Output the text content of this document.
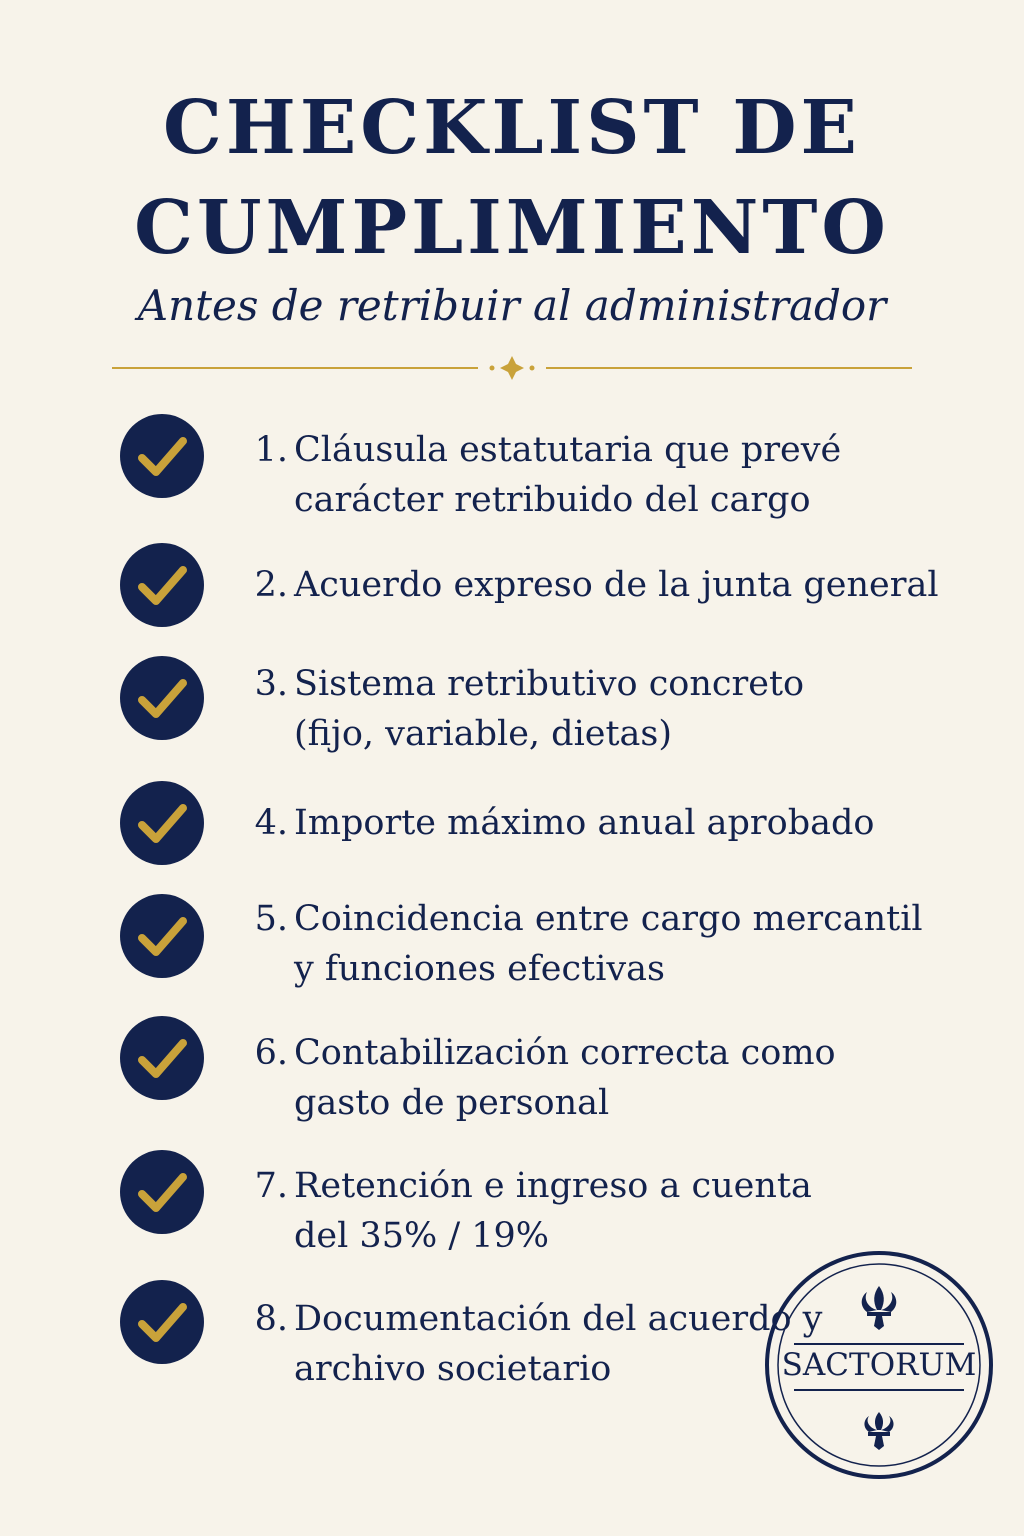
CHECKLIST DE
CUMPLIMIENTO

Antes de retribuir al administrador

1. Cláusula estatutaria que prevé
carácter retribuido del cargo
2. Acuerdo expreso de la junta general
3. Sistema retributivo concreto
(fijo, variable, dietas)
4. Importe máximo anual aprobado
5. Coincidencia entre cargo mercantil
y funciones efectivas
6. Contabilización correcta como
gasto de personal
7. Retención e ingreso a cuenta
del 35% / 19%
8. Documentación del acuerdo y
archivo societario	SACTORUM
